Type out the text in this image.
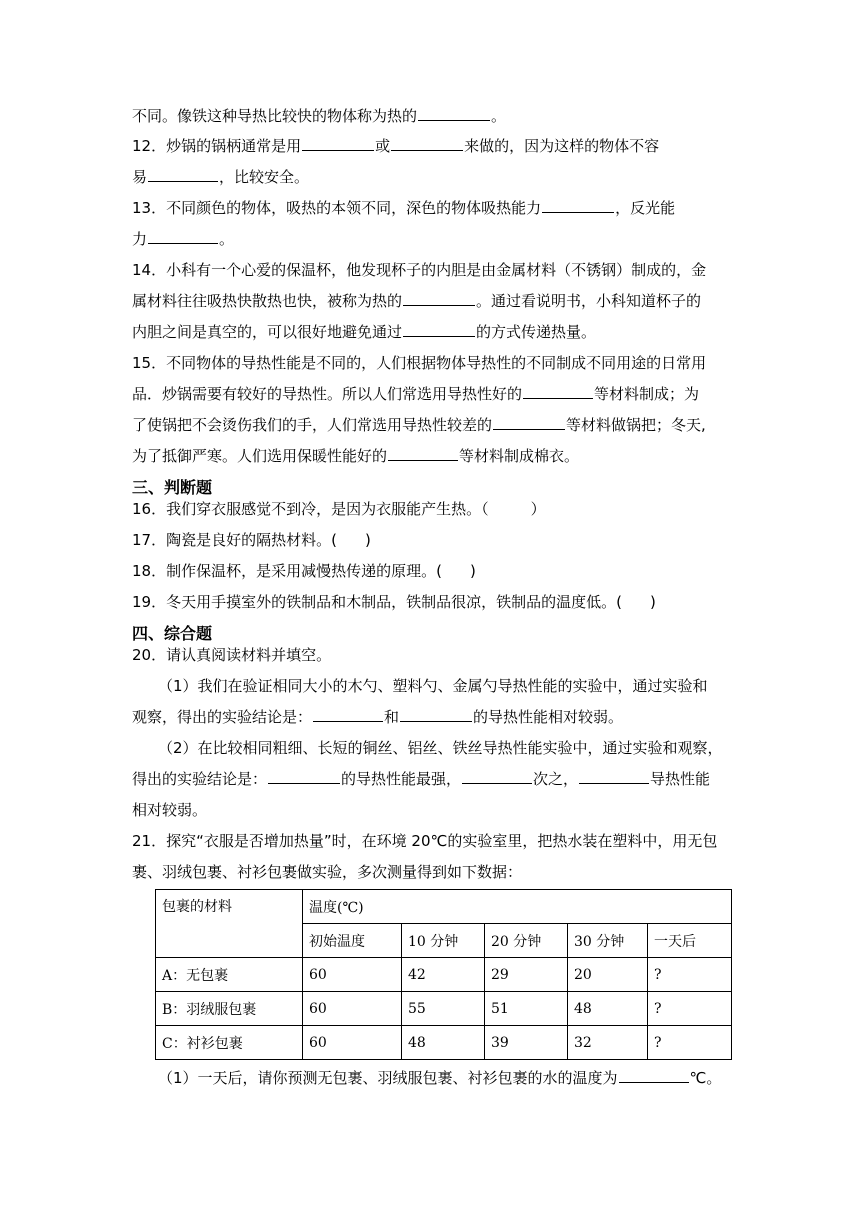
不同。像铁这种导热比较快的物体称为热的	。
12．炒锅的锅柄通常是用	或	来做的，因为这样的物体不容
易	，比较安全。
13．不同颜色的物体，吸热的本领不同，深色的物体吸热能力	，反光能
力	。
14．小科有一个心爱的保温杯，他发现杯子的内胆是由金属材料（不锈钢）制成的，金
属材料往往吸热快散热也快，被称为热的	。通过看说明书，小科知道杯子的
内胆之间是真空的，可以很好地避免通过	的方式传递热量。
15．不同物体的导热性能是不同的，人们根据物体导热性的不同制成不同用途的日常用
品．炒锅需要有较好的导热性。所以人们常选用导热性好的	等材料制成；为
了使锅把不会烫伤我们的手，人们常选用导热性较差的	等材料做锅把；冬天,
为了抵御严寒。人们选用保暖性能好的	等材料制成棉衣。
三、判断题
16．我们穿衣服感觉不到冷，是因为衣服能产生热。（	）
17．陶瓷是良好的隔热材料。( )
18．制作保温杯，是采用减慢热传递的原理。( )
19．冬天用手摸室外的铁制品和木制品，铁制品很凉，铁制品的温度低。( )
四、综合题
20．请认真阅读材料并填空。
（1）我们在验证相同大小的木勺、塑料勺、金属勺导热性能的实验中，通过实验和
观察，得出的实验结论是：	和	的导热性能相对较弱。
（2）在比较相同粗细、长短的铜丝、铝丝、铁丝导热性能实验中，通过实验和观察，
得出的实验结论是：	的导热性能最强，	次之，	导热性能
相对较弱。
21．探究“衣服是否增加热量”时，在环境 20℃的实验室里，把热水装在塑料中，用无包
裹、羽绒包裹、衬衫包裹做实验，多次测量得到如下数据：
包裹的材料	温度(℃)				
	初始温度	10 分钟	20 分钟	30 分钟	一天后
A：无包裹	60	42	29	20	?
B：羽绒服包裹	60	55	51	48	?
C：衬衫包裹	60	48	39	32	?
（1）一天后，请你预测无包裹、羽绒服包裹、衬衫包裹的水的温度为	℃。
